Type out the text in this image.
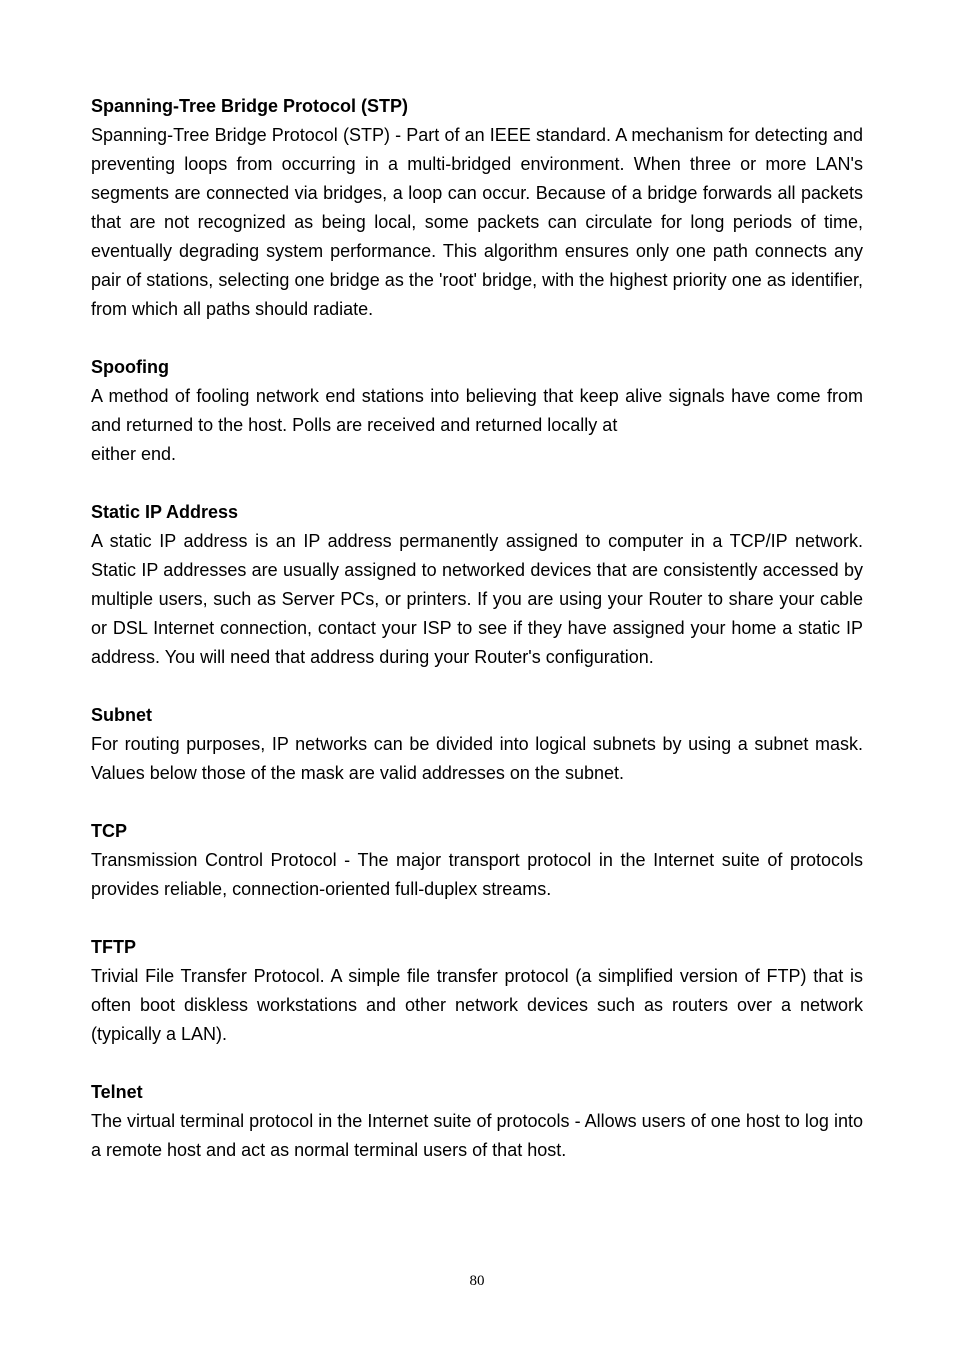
Spanning-Tree Bridge Protocol (STP)

Spanning-Tree Bridge Protocol (STP) - Part of an IEEE standard. A mechanism for detecting and preventing loops from occurring in a multi-bridged environment. When three or more LAN's segments are connected via bridges, a loop can occur. Because of a bridge forwards all packets that are not recognized as being local, some packets can circulate for long periods of time, eventually degrading system performance. This algorithm ensures only one path connects any pair of stations, selecting one bridge as the 'root' bridge, with the highest priority one as identifier, from which all paths should radiate.

Spoofing

A method of fooling network end stations into believing that keep alive signals have come from and returned to the host. Polls are received and returned locally at
either end.

Static IP Address

A static IP address is an IP address permanently assigned to computer in a TCP/IP network. Static IP addresses are usually assigned to networked devices that are consistently accessed by multiple users, such as Server PCs, or printers. If you are using your Router to share your cable or DSL Internet connection, contact your ISP to see if they have assigned your home a static IP address. You will need that address during your Router's configuration.

Subnet

For routing purposes, IP networks can be divided into logical subnets by using a subnet mask. Values below those of the mask are valid addresses on the subnet.

TCP

Transmission Control Protocol - The major transport protocol in the Internet suite of protocols provides reliable, connection-oriented full-duplex streams.

TFTP

Trivial File Transfer Protocol. A simple file transfer protocol (a simplified version of FTP) that is often boot diskless workstations and other network devices such as routers over a network (typically a LAN).

Telnet

The virtual terminal protocol in the Internet suite of protocols - Allows users of one host to log into a remote host and act as normal terminal users of that host.

80
